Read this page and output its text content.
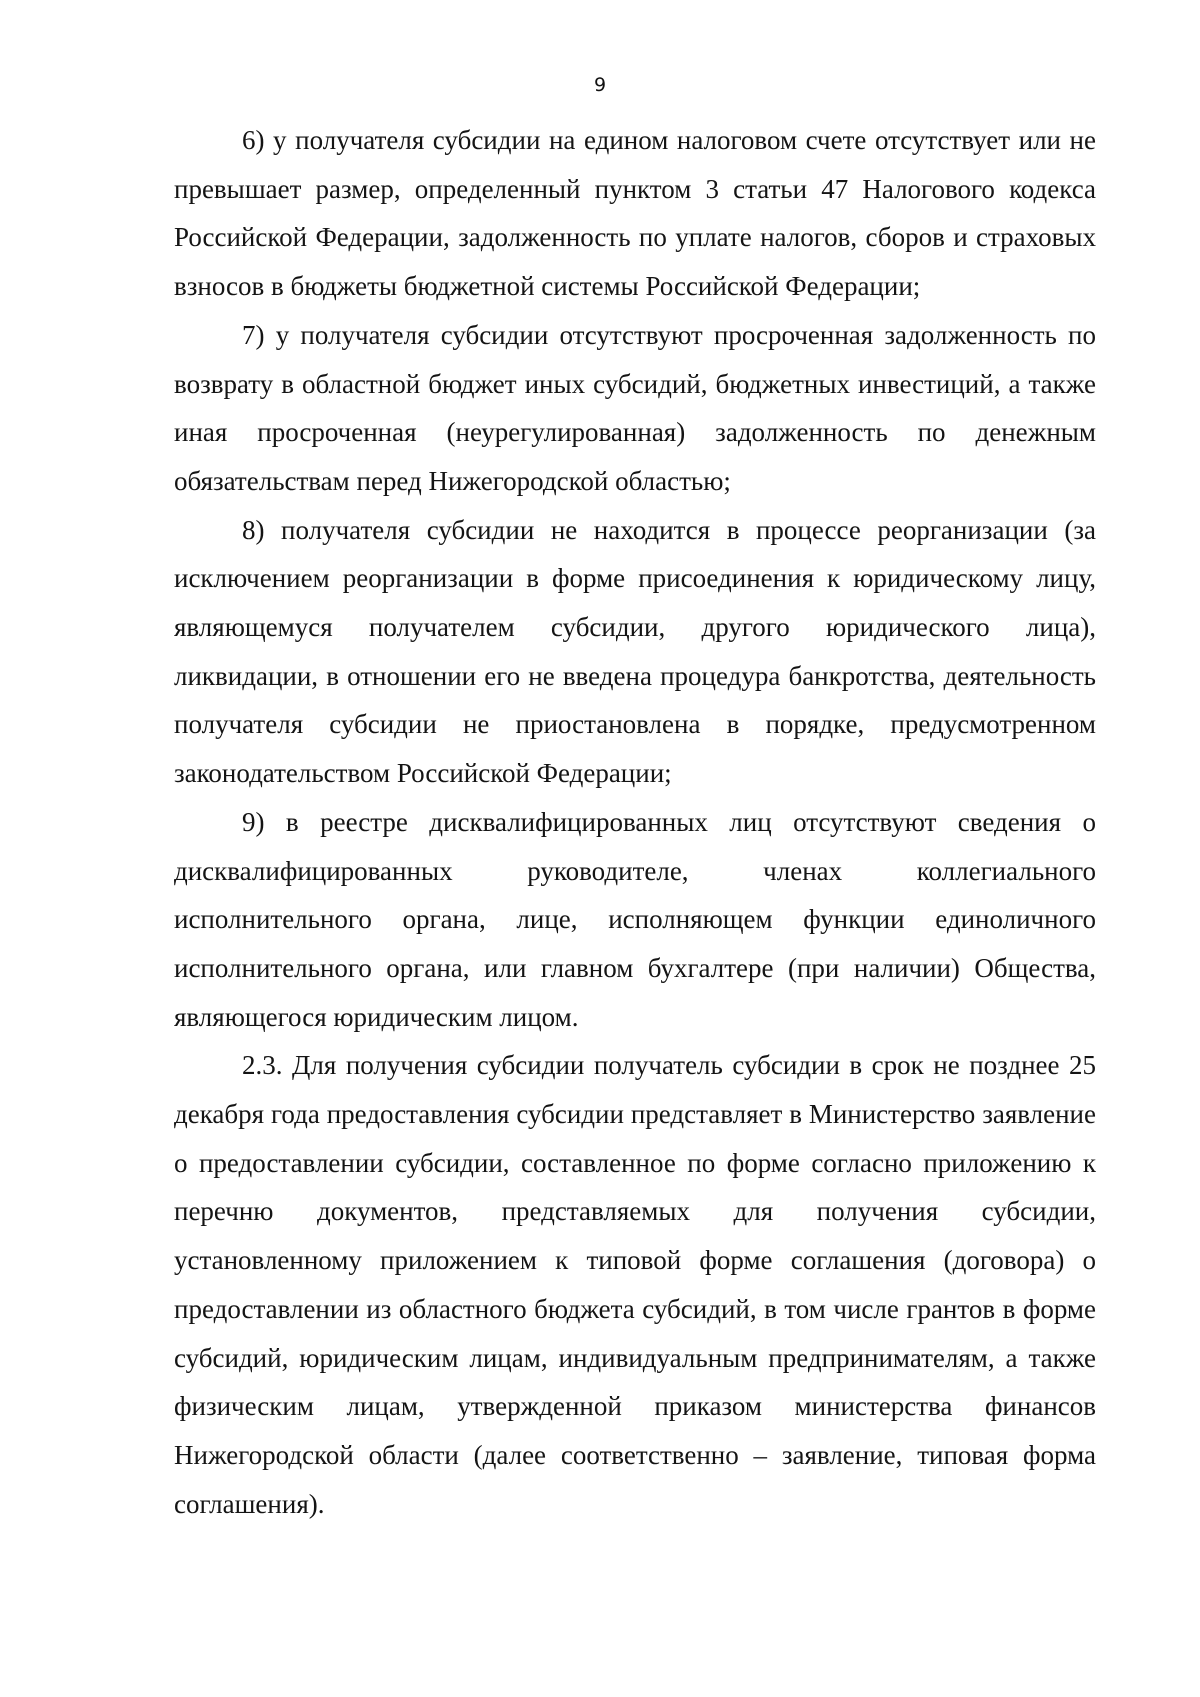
9

6) у получателя субсидии на едином налоговом счете отсутствует или не превышает размер, определенный пунктом 3 статьи 47 Налогового кодекса Российской Федерации, задолженность по уплате налогов, сборов и страховых взносов в бюджеты бюджетной системы Российской Федерации;

7) у получателя субсидии отсутствуют просроченная задолженность по возврату в областной бюджет иных субсидий, бюджетных инвестиций, а также иная просроченная (неурегулированная) задолженность по денежным обязательствам перед Нижегородской областью;

8) получателя субсидии не находится в процессе реорганизации (за исключением реорганизации в форме присоединения к юридическому лицу, являющемуся получателем субсидии, другого юридического лица), ликвидации, в отношении его не введена процедура банкротства, деятельность получателя субсидии не приостановлена в порядке, предусмотренном законодательством Российской Федерации;

9) в реестре дисквалифицированных лиц отсутствуют сведения о дисквалифицированных руководителе, членах коллегиального исполнительного органа, лице, исполняющем функции единоличного исполнительного органа, или главном бухгалтере (при наличии) Общества, являющегося юридическим лицом.

2.3. Для получения субсидии получатель субсидии в срок не позднее 25 декабря года предоставления субсидии представляет в Министерство заявление о предоставлении субсидии, составленное по форме согласно приложению к перечню документов, представляемых для получения субсидии, установленному приложением к типовой форме соглашения (договора) о предоставлении из областного бюджета субсидий, в том числе грантов в форме субсидий, юридическим лицам, индивидуальным предпринимателям, а также физическим лицам, утвержденной приказом министерства финансов Нижегородской области (далее соответственно – заявление, типовая форма соглашения).
